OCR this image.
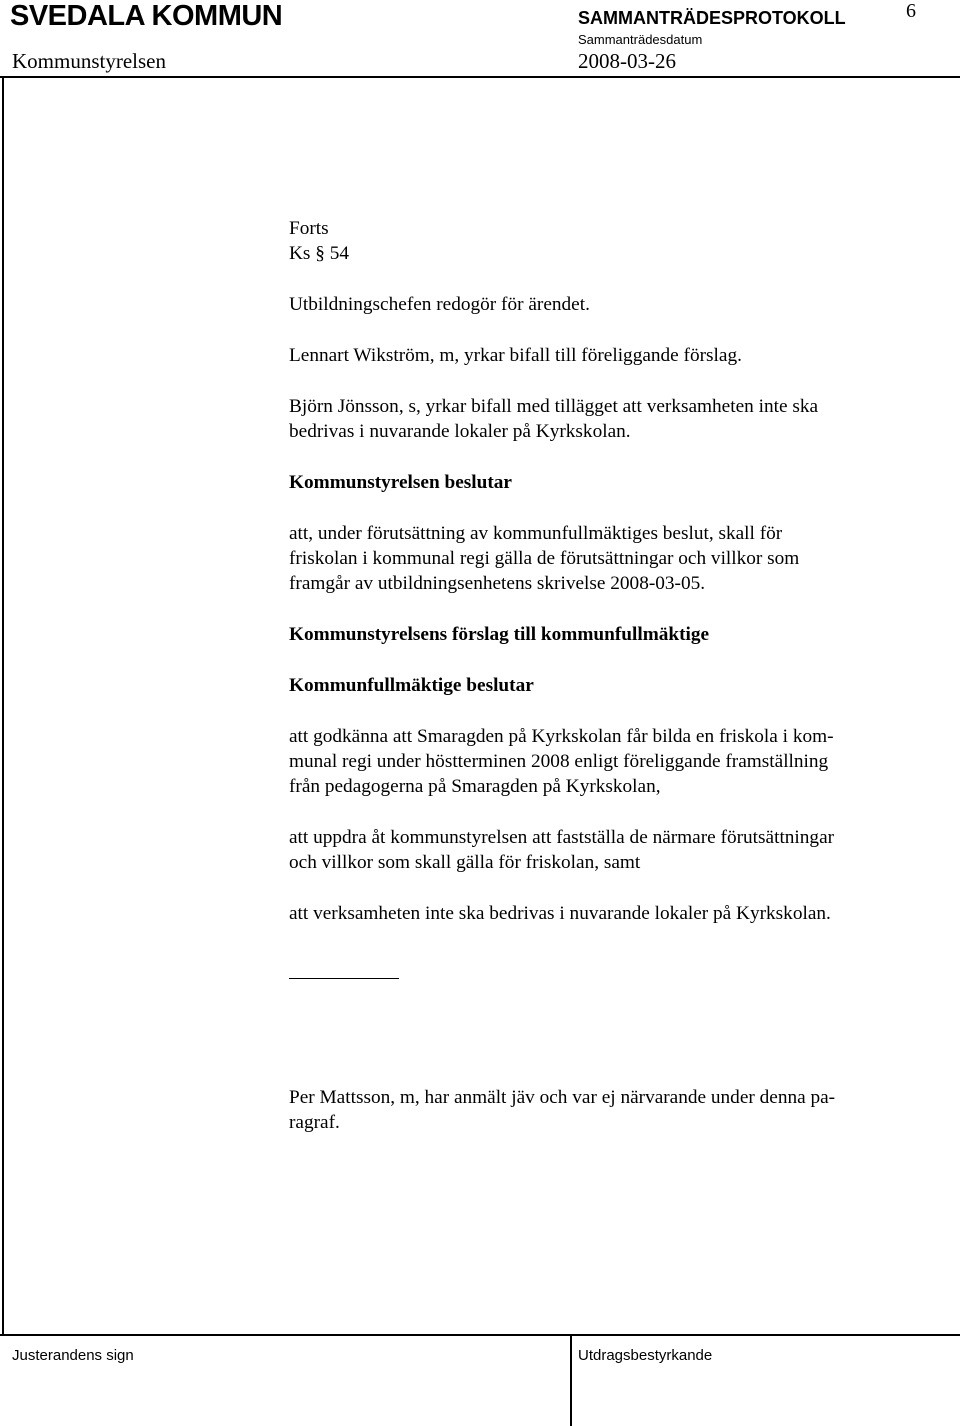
SVEDALA KOMMUN	SAMMANTRÄDESPROTOKOLL	6
Sammanträdesdatum
Kommunstyrelsen	2008-03-26

Forts

Ks § 54

Utbildningschefen redogör för ärendet.

Lennart Wikström, m, yrkar bifall till föreliggande förslag.

Björn Jönsson, s, yrkar bifall med tillägget att verksamheten inte ska

bedrivas i nuvarande lokaler på Kyrkskolan.

Kommunstyrelsen beslutar

att, under förutsättning av kommunfullmäktiges beslut, skall för

friskolan i kommunal regi gälla de förutsättningar och villkor som

framgår av utbildningsenhetens skrivelse 2008-03-05.

Kommunstyrelsens förslag till kommunfullmäktige

Kommunfullmäktige beslutar

att godkänna att Smaragden på Kyrkskolan får bilda en friskola i kom-

munal regi under höstterminen 2008 enligt föreliggande framställning

från pedagogerna på Smaragden på Kyrkskolan,

att uppdra åt kommunstyrelsen att fastställa de närmare förutsättningar

och villkor som skall gälla för friskolan, samt

att verksamheten inte ska bedrivas i nuvarande lokaler på Kyrkskolan.

Per Mattsson, m, har anmält jäv och var ej närvarande under denna pa-

ragraf.

Justerandens sign	Utdragsbestyrkande
